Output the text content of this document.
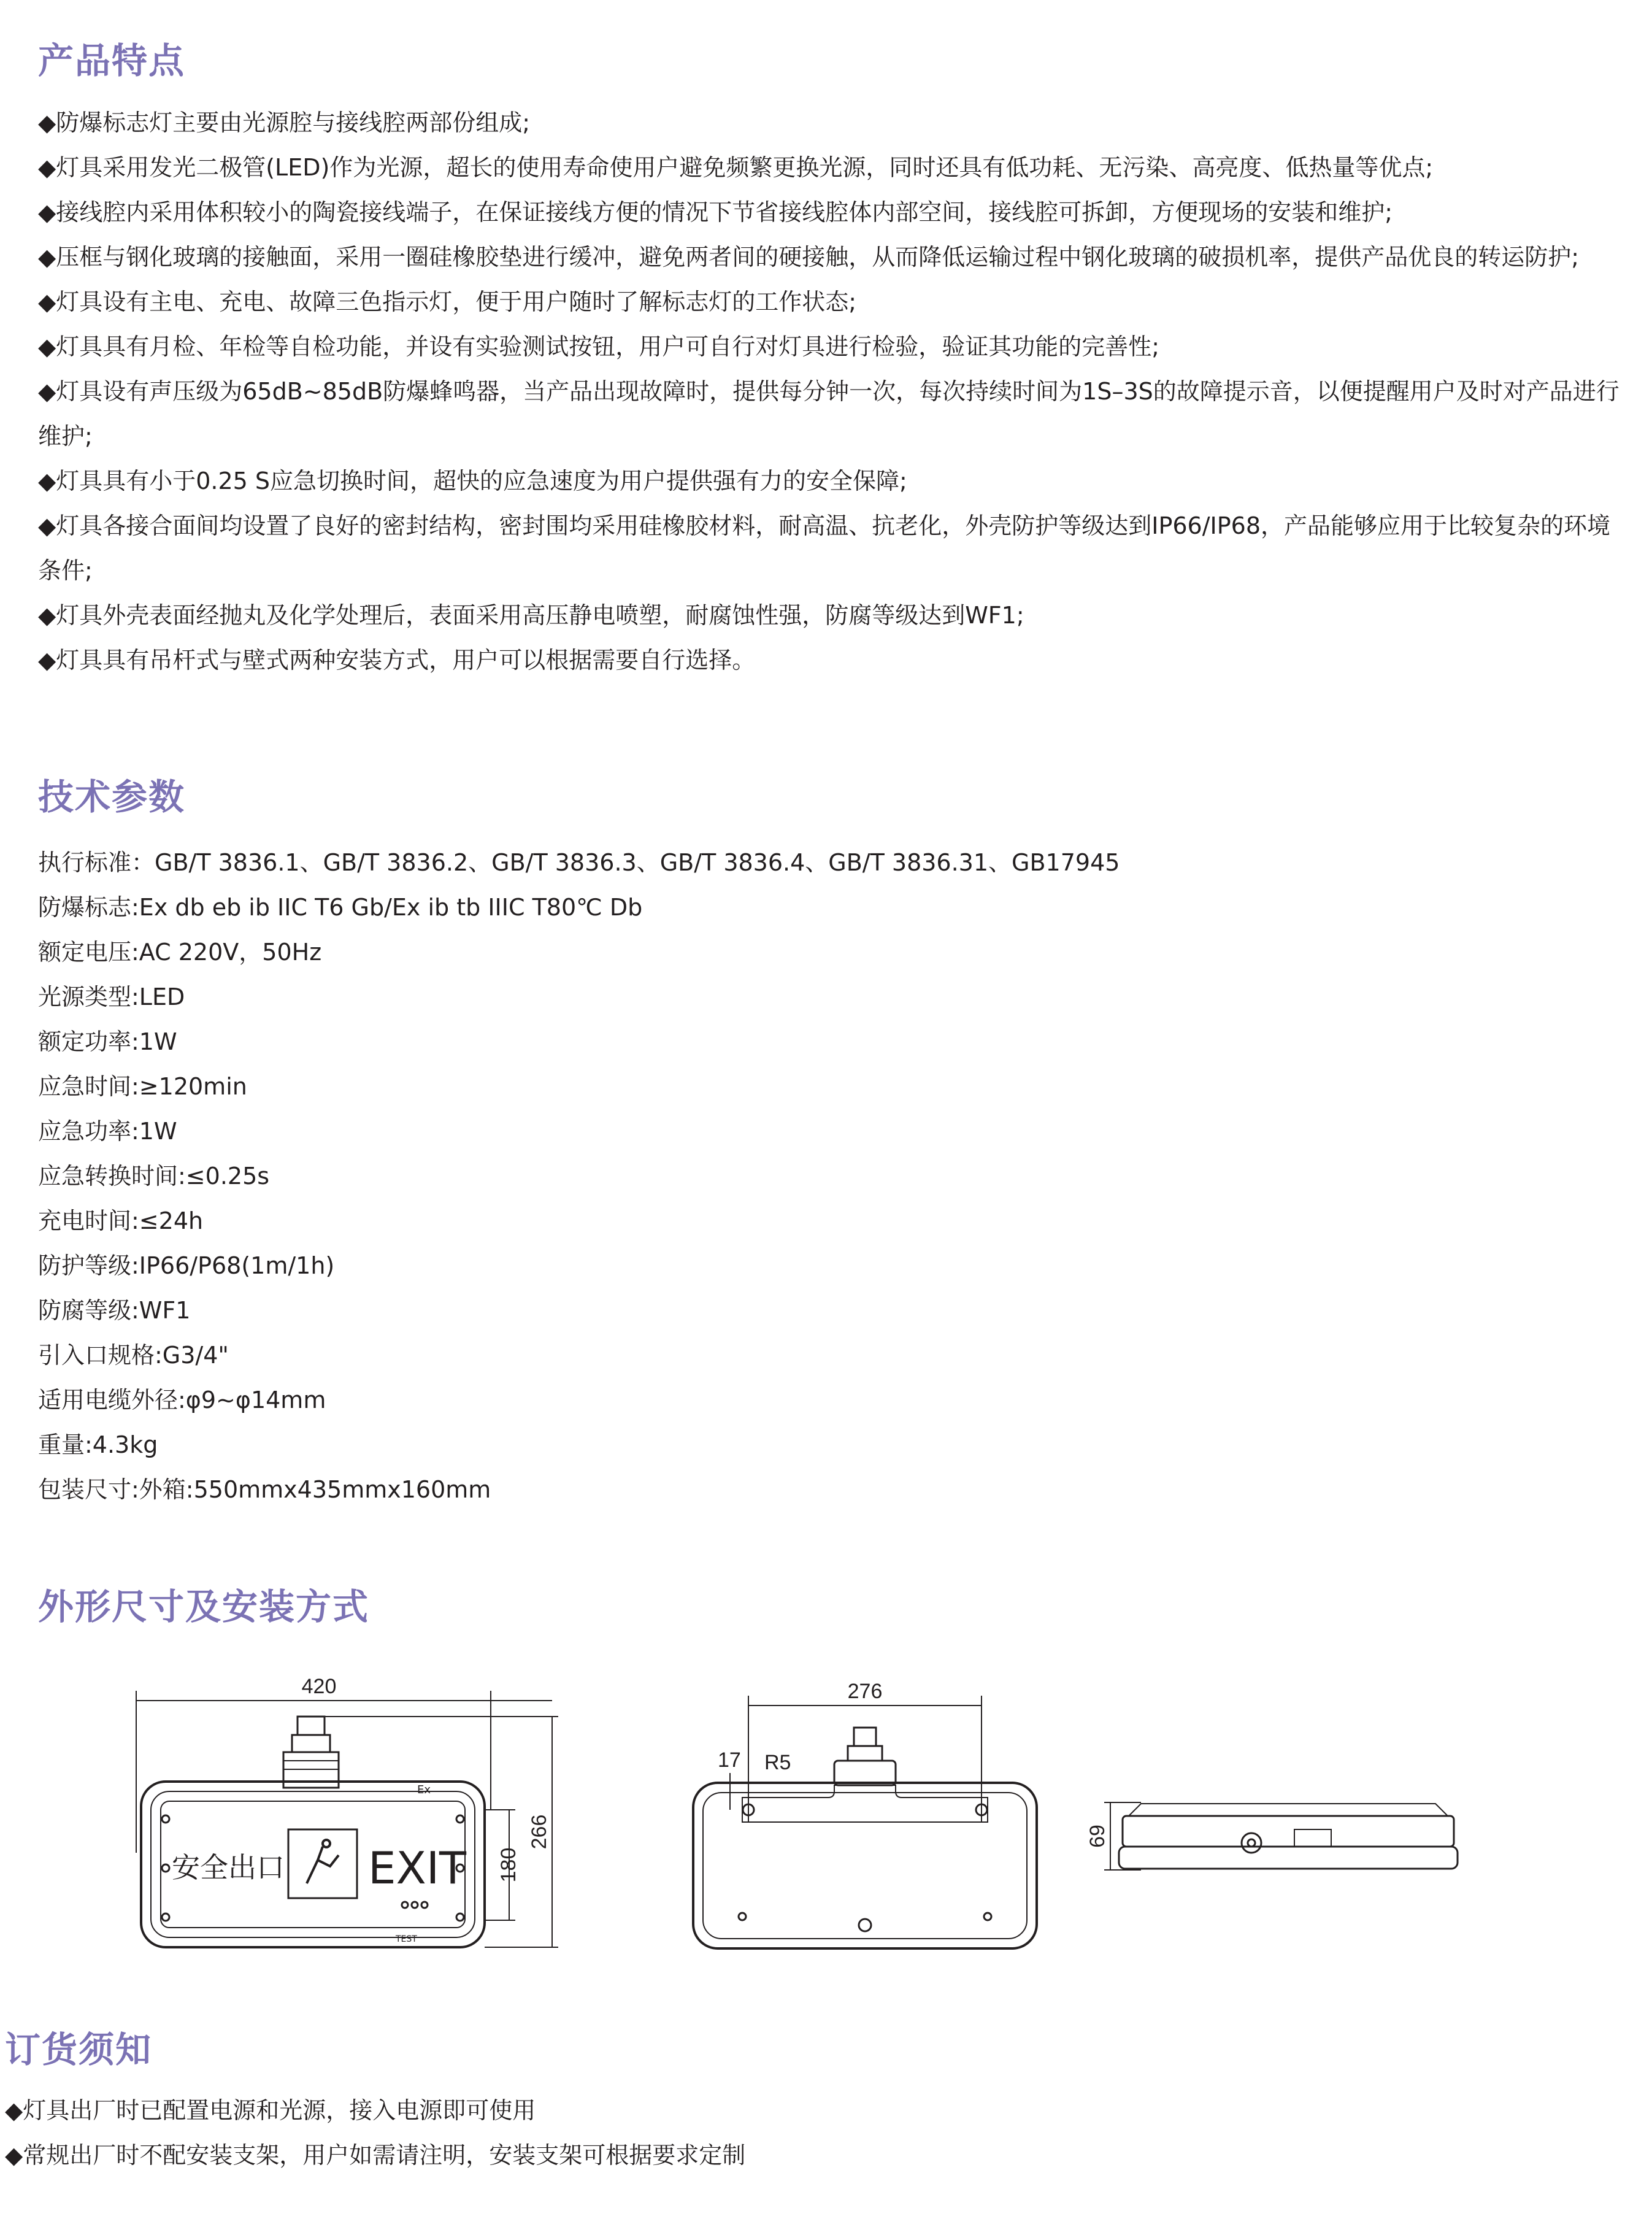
产品特点
◆防爆标志灯主要由光源腔与接线腔两部份组成;
◆灯具采用发光二极管(LED)作为光源，超长的使用寿命使用户避免频繁更换光源，同时还具有低功耗、无污染、高亮度、低热量等优点;
◆接线腔内采用体积较小的陶瓷接线端子，在保证接线方便的情况下节省接线腔体内部空间，接线腔可拆卸，方便现场的安装和维护;
◆压框与钢化玻璃的接触面，采用一圈硅橡胶垫进行缓冲，避免两者间的硬接触，从而降低运输过程中钢化玻璃的破损机率，提供产品优良的转运防护;
◆灯具设有主电、充电、故障三色指示灯，便于用户随时了解标志灯的工作状态;
◆灯具具有月检、年检等自检功能，并设有实验测试按钮，用户可自行对灯具进行检验，验证其功能的完善性;
◆灯具设有声压级为65dB~85dB防爆蜂鸣器，当产品出现故障时，提供每分钟一次，每次持续时间为1S–3S的故障提示音，以便提醒用户及时对产品进行维护;
◆灯具具有小于0.25 S应急切换时间，超快的应急速度为用户提供强有力的安全保障;
◆灯具各接合面间均设置了良好的密封结构，密封围均采用硅橡胶材料，耐高温、抗老化，外壳防护等级达到IP66/IP68，产品能够应用于比较复杂的环境条件;
◆灯具外壳表面经抛丸及化学处理后，表面采用高压静电喷塑，耐腐蚀性强，防腐等级达到WF1;
◆灯具具有吊杆式与壁式两种安装方式，用户可以根据需要自行选择。
技术参数
执行标准：GB/T 3836.1、GB/T 3836.2、GB/T 3836.3、GB/T 3836.4、GB/T 3836.31、GB17945
防爆标志:Ex db eb ib IIC T6 Gb/Ex ib tb IIIC T80℃ Db
额定电压:AC 220V，50Hz
光源类型:LED
额定功率:1W
应急时间:≥120min
应急功率:1W
应急转换时间:≤0.25s
充电时间:≤24h
防护等级:IP66/P68(1m/1h)
防腐等级:WF1
引入口规格:G3/4"
适用电缆外径:φ9~φ14mm
重量:4.3kg
包装尺寸:外箱:550mmx435mmx160mm
外形尺寸及安装方式
420
安全出口 EXIT
Ex
TEST
180
266
276
17 R5
69
订货须知
◆灯具出厂时已配置电源和光源，接入电源即可使用
◆常规出厂时不配安装支架，用户如需请注明，安装支架可根据要求定制
